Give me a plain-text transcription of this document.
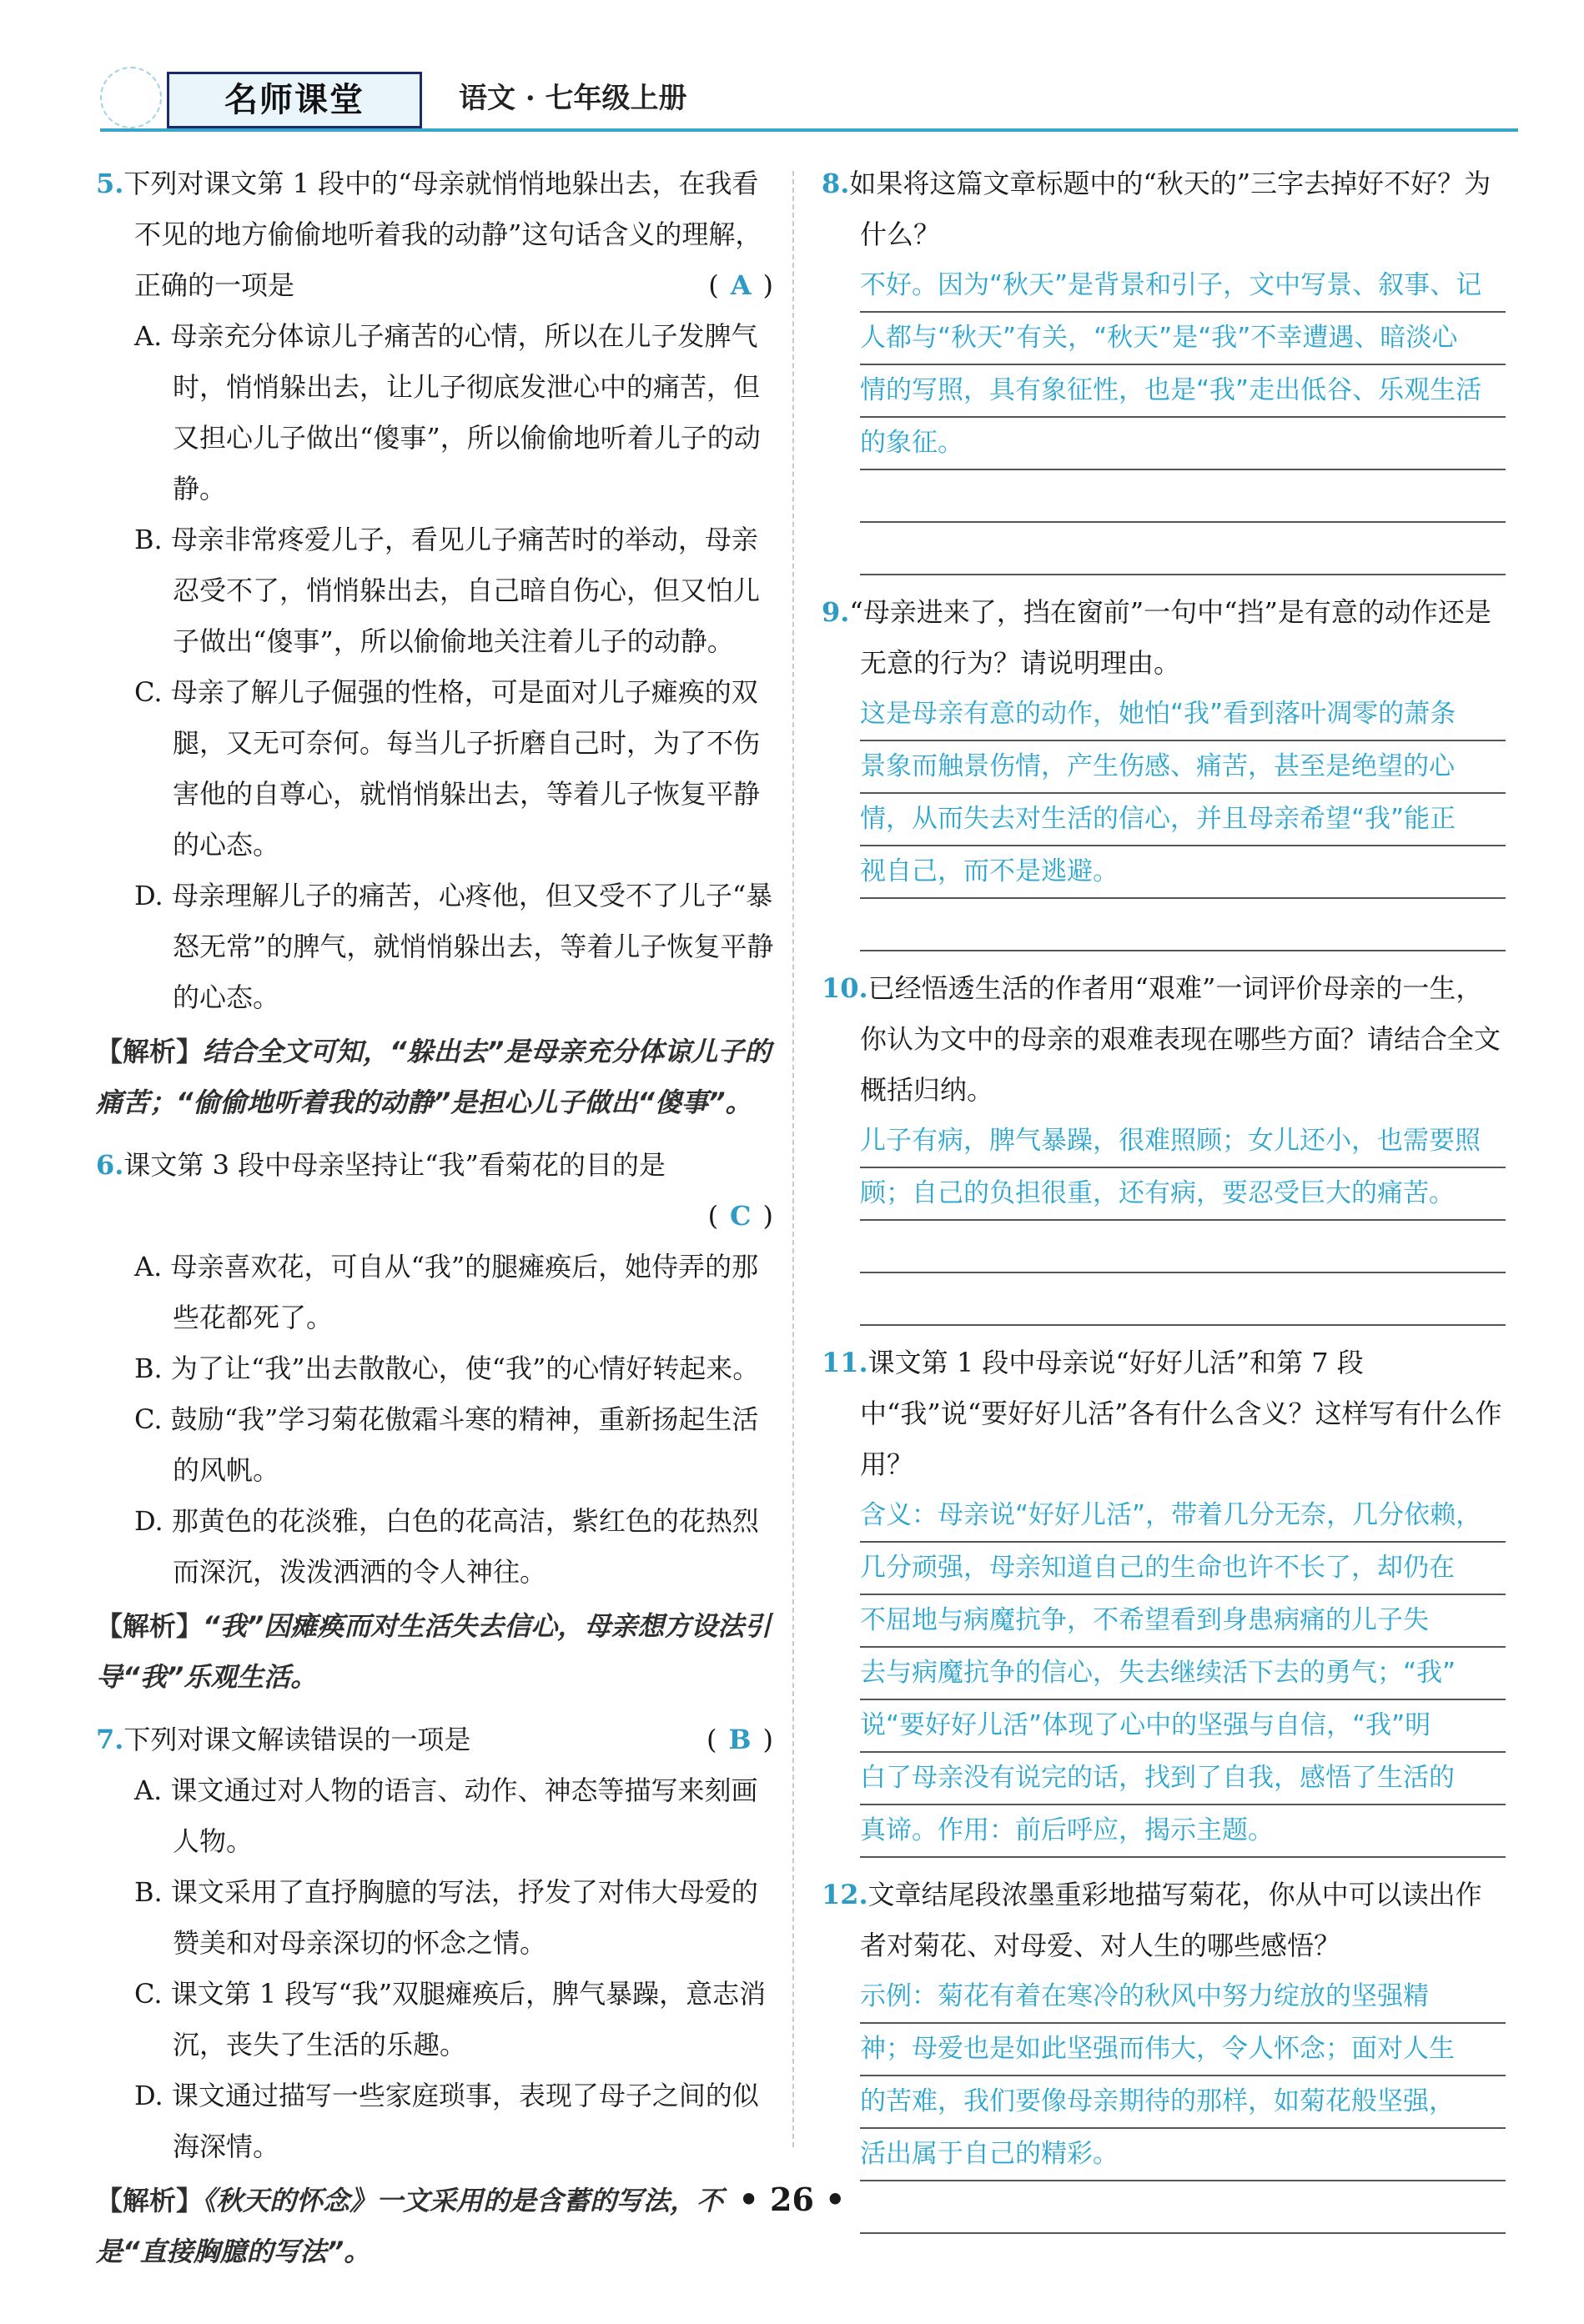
名师课堂	语文 · 七年级上册
5.下列对课文第 1 段中的“母亲就悄悄地躲出去，在我看不见的地方偷偷地听着我的动静”这句话含义的理解，正确的一项是	( A )
A. 母亲充分体谅儿子痛苦的心情，所以在儿子发脾气时，悄悄躲出去，让儿子彻底发泄心中的痛苦，但又担心儿子做出“傻事”，所以偷偷地听着儿子的动静。
B. 母亲非常疼爱儿子，看见儿子痛苦时的举动，母亲忍受不了，悄悄躲出去，自己暗自伤心，但又怕儿子做出“傻事”，所以偷偷地关注着儿子的动静。
C. 母亲了解儿子倔强的性格，可是面对儿子瘫痪的双腿，又无可奈何。每当儿子折磨自己时，为了不伤害他的自尊心，就悄悄躲出去，等着儿子恢复平静的心态。
D. 母亲理解儿子的痛苦，心疼他，但又受不了儿子“暴怒无常”的脾气，就悄悄躲出去，等着儿子恢复平静的心态。
【解析】结合全文可知，“躲出去”是母亲充分体谅儿子的痛苦；“偷偷地听着我的动静”是担心儿子做出“傻事”。
6.课文第 3 段中母亲坚持让“我”看菊花的目的是
( C )
A. 母亲喜欢花，可自从“我”的腿瘫痪后，她侍弄的那些花都死了。
B. 为了让“我”出去散散心，使“我”的心情好转起来。
C. 鼓励“我”学习菊花傲霜斗寒的精神，重新扬起生活的风帆。
D. 那黄色的花淡雅，白色的花高洁，紫红色的花热烈而深沉，泼泼洒洒的令人神往。
【解析】“我”因瘫痪而对生活失去信心，母亲想方设法引导“我”乐观生活。
7.下列对课文解读错误的一项是	( B )
A. 课文通过对人物的语言、动作、神态等描写来刻画人物。
B. 课文采用了直抒胸臆的写法，抒发了对伟大母爱的赞美和对母亲深切的怀念之情。
C. 课文第 1 段写“我”双腿瘫痪后，脾气暴躁，意志消沉，丧失了生活的乐趣。
D. 课文通过描写一些家庭琐事，表现了母子之间的似海深情。
【解析】《秋天的怀念》一文采用的是含蓄的写法，不是“直接胸臆的写法”。
8.如果将这篇文章标题中的“秋天的”三字去掉好不好？为什么？
不好。因为“秋天”是背景和引子，文中写景、叙事、记
人都与“秋天”有关，“秋天”是“我”不幸遭遇、暗淡心
情的写照，具有象征性，也是“我”走出低谷、乐观生活
的象征。
9.“母亲进来了，挡在窗前”一句中“挡”是有意的动作还是无意的行为？请说明理由。
这是母亲有意的动作，她怕“我”看到落叶凋零的萧条
景象而触景伤情，产生伤感、痛苦，甚至是绝望的心
情，从而失去对生活的信心，并且母亲希望“我”能正
视自己，而不是逃避。
10.已经悟透生活的作者用“艰难”一词评价母亲的一生，你认为文中的母亲的艰难表现在哪些方面？请结合全文概括归纳。
儿子有病，脾气暴躁，很难照顾；女儿还小，也需要照
顾；自己的负担很重，还有病，要忍受巨大的痛苦。
11.课文第 1 段中母亲说“好好儿活”和第 7 段中“我”说“要好好儿活”各有什么含义？这样写有什么作用？
含义：母亲说“好好儿活”，带着几分无奈，几分依赖，
几分顽强，母亲知道自己的生命也许不长了，却仍在
不屈地与病魔抗争，不希望看到身患病痛的儿子失
去与病魔抗争的信心，失去继续活下去的勇气；“我”
说“要好好儿活”体现了心中的坚强与自信，“我”明
白了母亲没有说完的话，找到了自我，感悟了生活的
真谛。作用：前后呼应，揭示主题。
12.文章结尾段浓墨重彩地描写菊花，你从中可以读出作者对菊花、对母爱、对人生的哪些感悟？
示例：菊花有着在寒冷的秋风中努力绽放的坚强精
神；母爱也是如此坚强而伟大，令人怀念；面对人生
的苦难，我们要像母亲期待的那样，如菊花般坚强，
活出属于自己的精彩。
• 26 •
